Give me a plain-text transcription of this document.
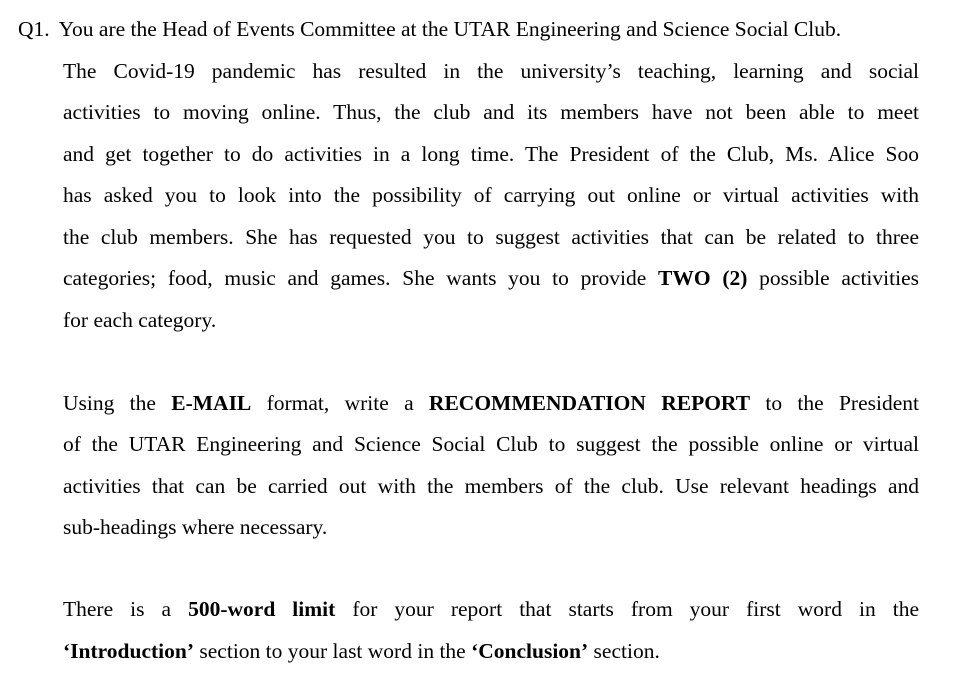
Q1. You are the Head of Events Committee at the UTAR Engineering and Science Social Club.
The Covid-19 pandemic has resulted in the university’s teaching, learning and social
activities to moving online. Thus, the club and its members have not been able to meet
and get together to do activities in a long time. The President of the Club, Ms. Alice Soo
has asked you to look into the possibility of carrying out online or virtual activities with
the club members. She has requested you to suggest activities that can be related to three
categories; food, music and games. She wants you to provide TWO (2) possible activities
for each category.
Using the E-MAIL format, write a RECOMMENDATION REPORT to the President
of the UTAR Engineering and Science Social Club to suggest the possible online or virtual
activities that can be carried out with the members of the club. Use relevant headings and
sub-headings where necessary.
There is a 500-word limit for your report that starts from your first word in the
‘Introduction’ section to your last word in the ‘Conclusion’ section.
